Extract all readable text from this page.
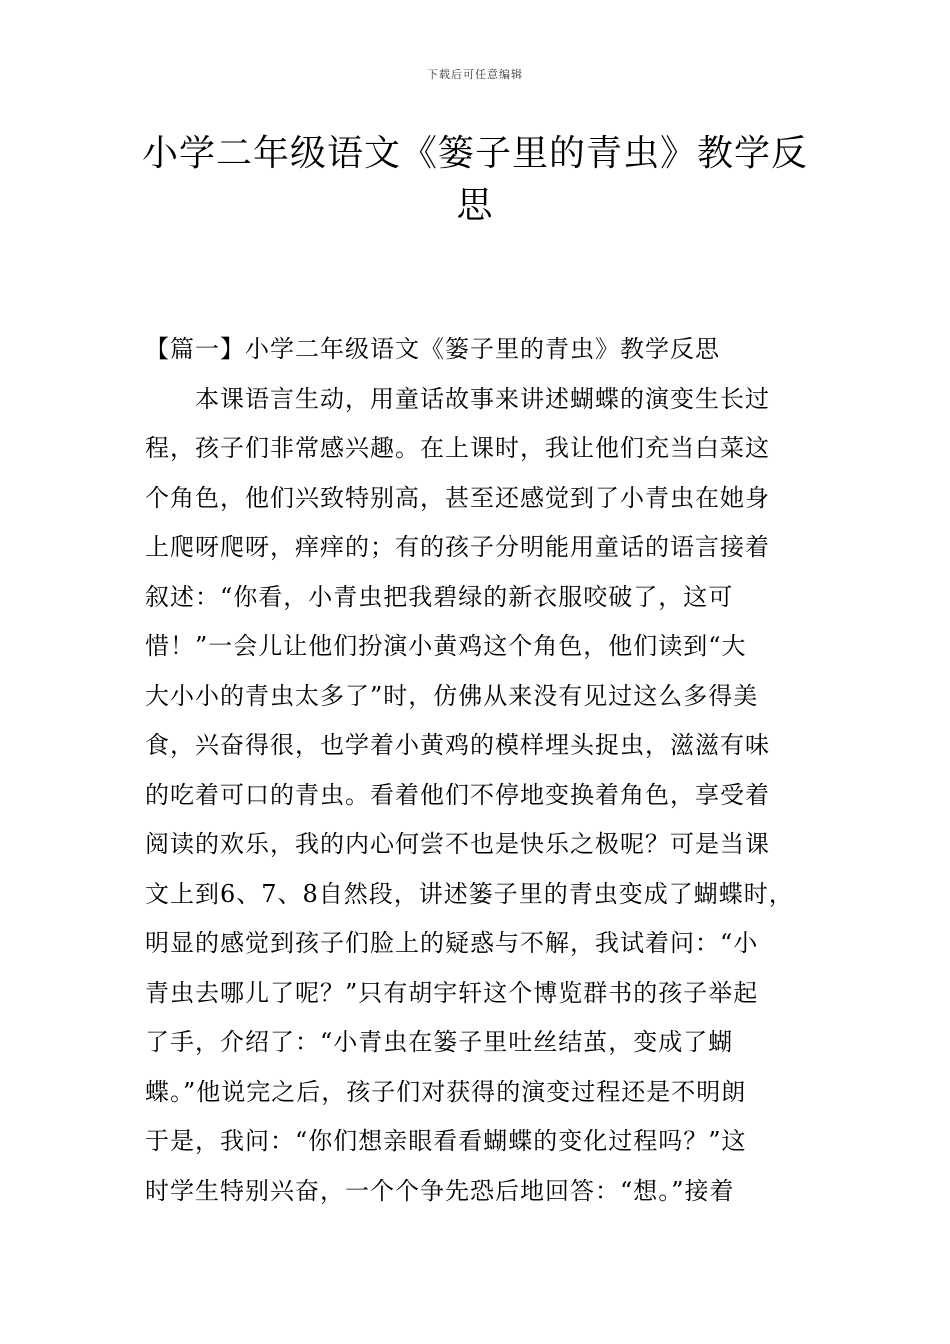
下载后可任意编辑
小学二年级语文《篓子里的青虫》教学反
思

【篇一】小学二年级语文《篓子里的青虫》教学反思

本课语言生动，用童话故事来讲述蝴蝶的演变生长过
程，孩子们非常感兴趣。在上课时，我让他们充当白菜这
个角色，他们兴致特别高，甚至还感觉到了小青虫在她身
上爬呀爬呀，痒痒的；有的孩子分明能用童话的语言接着
叙述：“你看，小青虫把我碧绿的新衣服咬破了，这可
惜！”一会儿让他们扮演小黄鸡这个角色，他们读到“大
大小小的青虫太多了”时，仿佛从来没有见过这么多得美
食，兴奋得很，也学着小黄鸡的模样埋头捉虫，滋滋有味
的吃着可口的青虫。看着他们不停地变换着角色，享受着
阅读的欢乐，我的内心何尝不也是快乐之极呢？可是当课
文上到6、7、8自然段，讲述篓子里的青虫变成了蝴蝶时，
明显的感觉到孩子们脸上的疑惑与不解，我试着问：“小
青虫去哪儿了呢？”只有胡宇轩这个博览群书的孩子举起
了手，介绍了：“小青虫在篓子里吐丝结茧，变成了蝴
蝶。”他说完之后，孩子们对获得的演变过程还是不明朗
于是，我问：“你们想亲眼看看蝴蝶的变化过程吗？”这
时学生特别兴奋，一个个争先恐后地回答：“想。”接着
